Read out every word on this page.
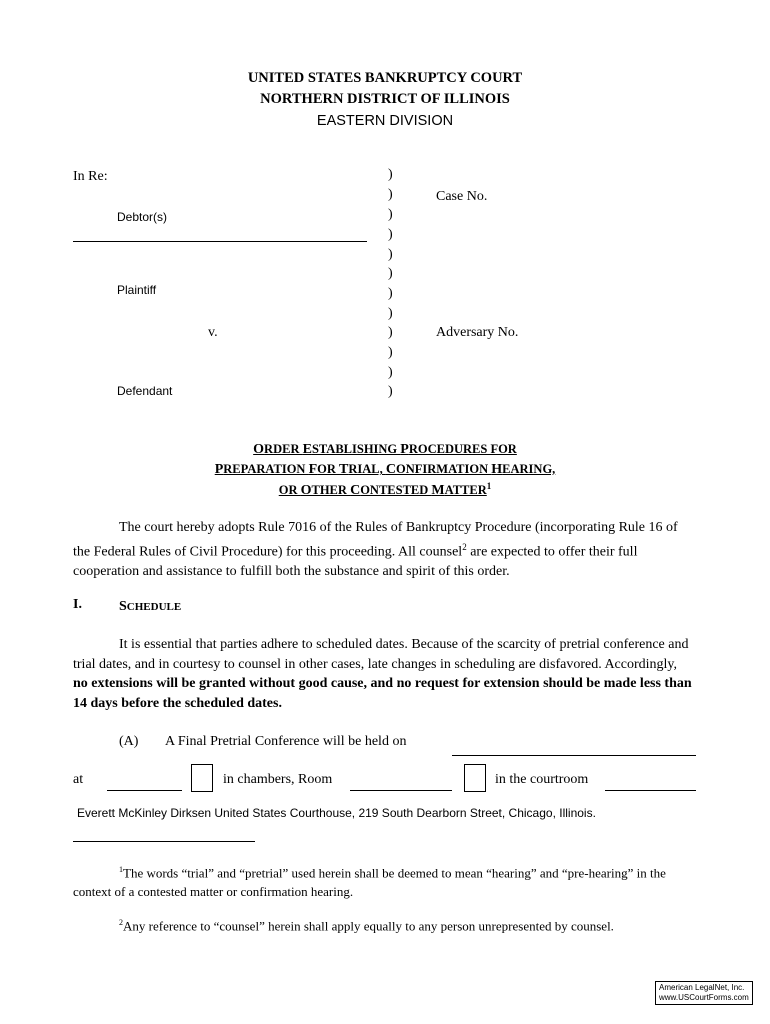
UNITED STATES BANKRUPTCY COURT
NORTHERN DISTRICT OF ILLINOIS
EASTERN DIVISION
In Re:
Debtor(s)
Plaintiff
v.
Defendant
)
)
)
)
)
)
)
)
)
)
)
)
Case No.
Adversary No.
ORDER ESTABLISHING PROCEDURES FOR
PREPARATION FOR TRIAL, CONFIRMATION HEARING,
OR OTHER CONTESTED MATTER$^1$
The court hereby adopts Rule 7016 of the Rules of Bankruptcy Procedure (incorporating Rule 16 of the Federal Rules of Civil Procedure) for this proceeding. All counsel$^2$ are expected to offer their full cooperation and assistance to fulfill both the substance and spirit of this order.
I.	SCHEDULE
It is essential that parties adhere to scheduled dates. Because of the scarcity of pretrial conference and trial dates, and in courtesy to counsel in other cases, late changes in scheduling are disfavored. Accordingly, no extensions will be granted without good cause, and no request for extension should be made less than 14 days before the scheduled dates.
(A) A Final Pretrial Conference will be held on
at	in chambers, Room	in the courtroom
Everett McKinley Dirksen United States Courthouse, 219 South Dearborn Street, Chicago, Illinois.
$^1$The words “trial” and “pretrial” used herein shall be deemed to mean “hearing” and “pre-hearing” in the context of a contested matter or confirmation hearing.
$^2$Any reference to “counsel” herein shall apply equally to any person unrepresented by counsel.
American LegalNet, Inc.
www.USCourtForms.com
